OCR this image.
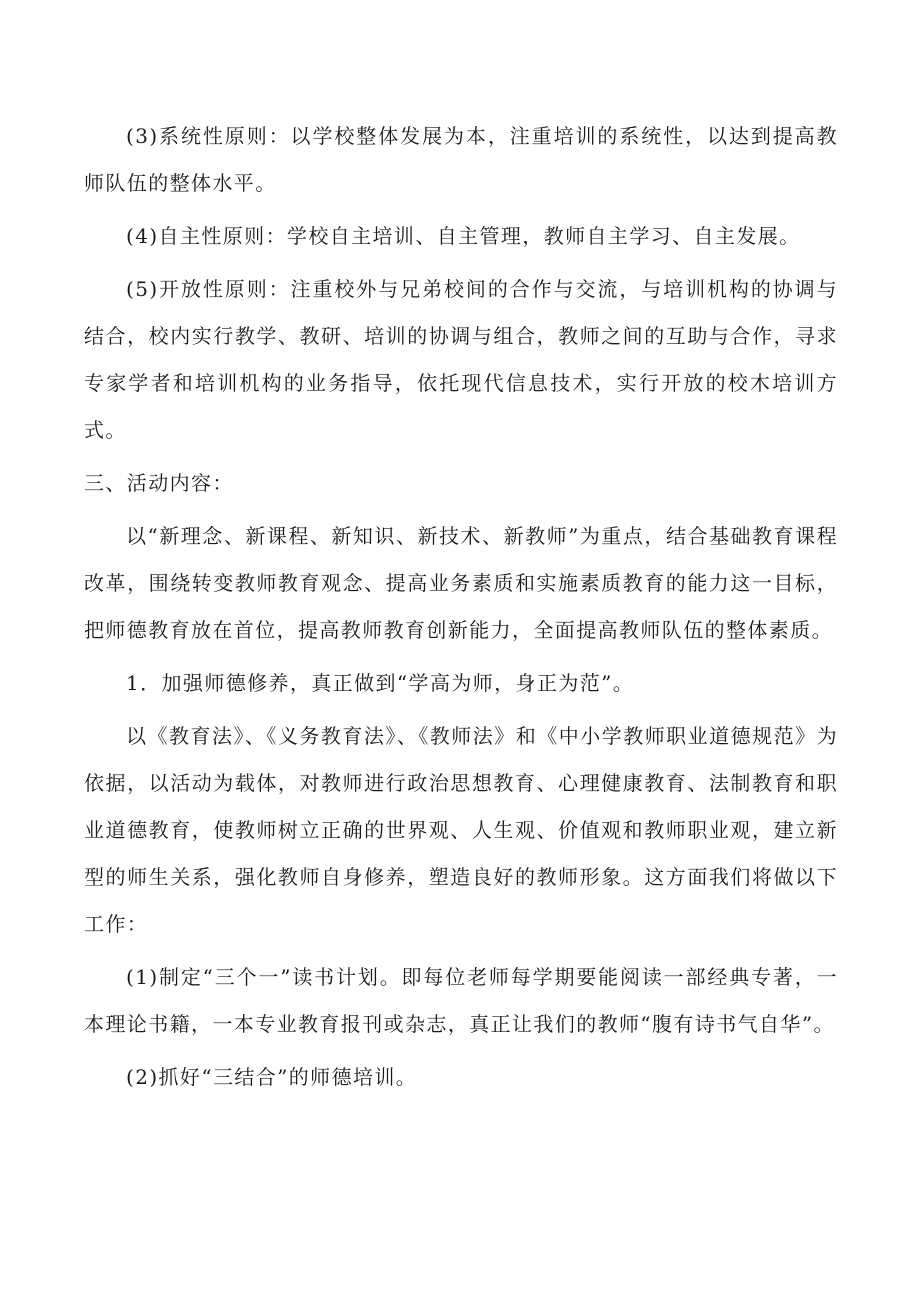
(3)系统性原则：以学校整体发展为本，注重培训的系统性，以达到提高教师队伍的整体水平。

(4)自主性原则：学校自主培训、自主管理，教师自主学习、自主发展。

(5)开放性原则：注重校外与兄弟校间的合作与交流，与培训机构的协调与结合，校内实行教学、教研、培训的协调与组合，教师之间的互助与合作，寻求专家学者和培训机构的业务指导，依托现代信息技术，实行开放的校木培训方式。

三、活动内容：

以“新理念、新课程、新知识、新技术、新教师”为重点，结合基础教育课程改革，围绕转变教师教育观念、提高业务素质和实施素质教育的能力这一目标，把师德教育放在首位，提高教师教育创新能力，全面提高教师队伍的整体素质。

1．加强师德修养，真正做到“学高为师，身正为范”。

以《教育法》、《义务教育法》、《教师法》和《中小学教师职业道德规范》为依据，以活动为载体，对教师进行政治思想教育、心理健康教育、法制教育和职业道德教育，使教师树立正确的世界观、人生观、价值观和教师职业观，建立新型的师生关系，强化教师自身修养，塑造良好的教师形象。这方面我们将做以下工作：

(1)制定“三个一”读书计划。即每位老师每学期要能阅读一部经典专著，一本理论书籍，一本专业教育报刊或杂志，真正让我们的教师“腹有诗书气自华”。

(2)抓好“三结合”的师德培训。
